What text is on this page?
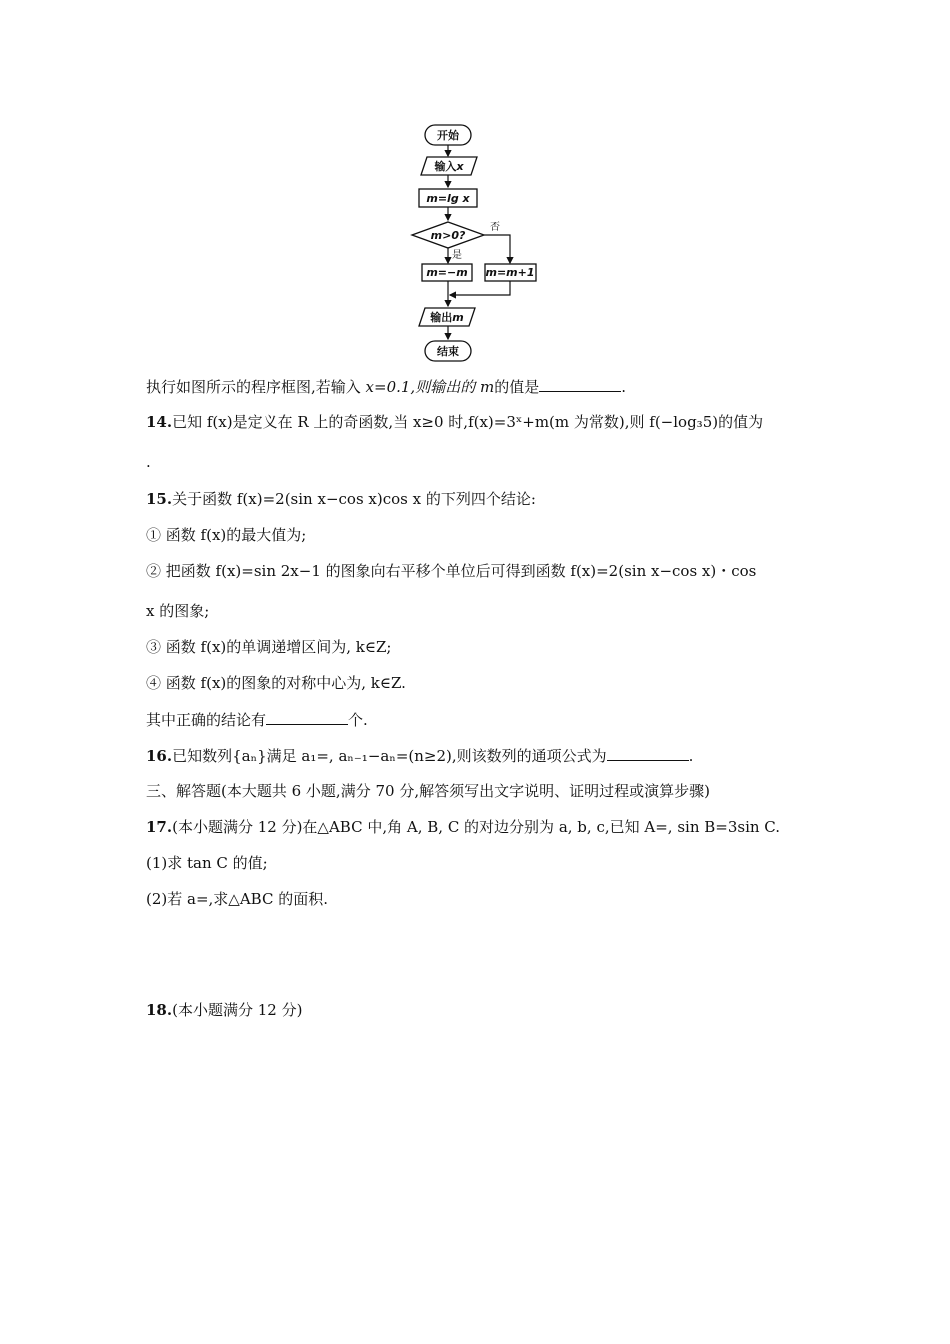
开始
输入x
m=lg x
m>0?
否
是
m=−m m=m+1
输出m
结束
执行如图所示的程序框图,若输入 x=0.1,则输出的 m的值是	.
14.已知 f(x)是定义在 R 上的奇函数,当 x≥0 时,f(x)=3ˣ+m(m 为常数),则 f(−log₃5)的值为
.
15.关于函数 f(x)=2(sin x−cos x)cos x 的下列四个结论:
① 函数 f(x)的最大值为;
② 把函数 f(x)=sin 2x−1 的图象向右平移个单位后可得到函数 f(x)=2(sin x−cos x)・cos
x 的图象;
③ 函数 f(x)的单调递增区间为, k∈Z;
④ 函数 f(x)的图象的对称中心为, k∈Z.
其中正确的结论有	个.
16.已知数列{aₙ}满足 a₁=, aₙ₋₁−aₙ=(n≥2),则该数列的通项公式为	.
三、解答题(本大题共 6 小题,满分 70 分,解答须写出文字说明、证明过程或演算步骤)
17.(本小题满分 12 分)在△ABC 中,角 A, B, C 的对边分别为 a, b, c,已知 A=, sin B=3sin C.
(1)求 tan C 的值;
(2)若 a=,求△ABC 的面积.
18.(本小题满分 12 分)
